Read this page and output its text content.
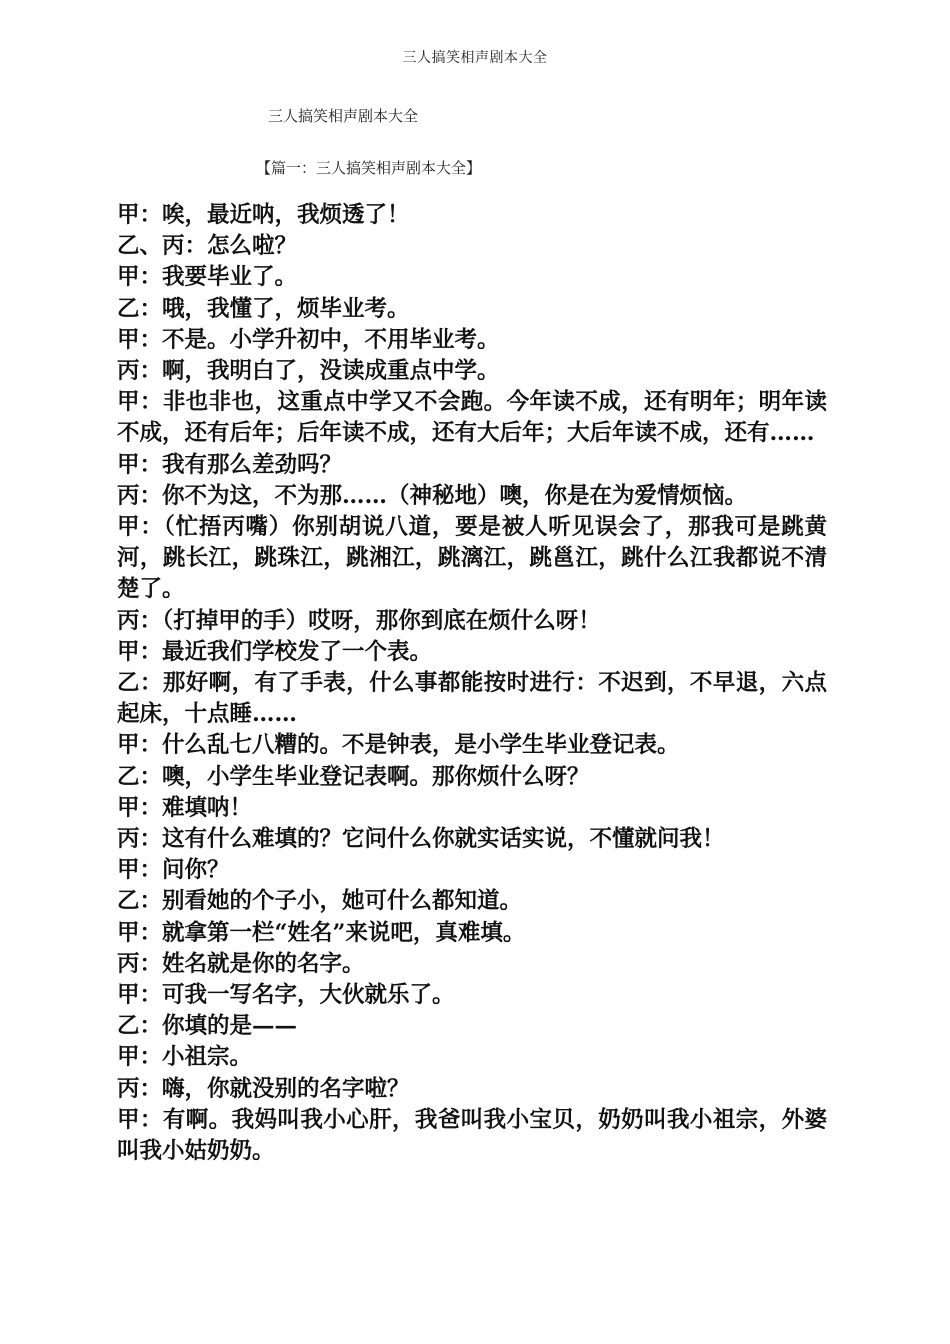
三人搞笑相声剧本大全
三人搞笑相声剧本大全
【篇一：三人搞笑相声剧本大全】
甲：唉，最近呐，我烦透了！
乙、丙：怎么啦？
甲：我要毕业了。
乙：哦，我懂了，烦毕业考。
甲：不是。小学升初中，不用毕业考。
丙：啊，我明白了，没读成重点中学。
甲：非也非也，这重点中学又不会跑。今年读不成，还有明年；明年读不成，还有后年；后年读不成，还有大后年；大后年读不成，还有……
甲：我有那么差劲吗？
丙：你不为这，不为那……（神秘地）噢，你是在为爱情烦恼。
甲：（忙捂丙嘴）你别胡说八道，要是被人听见误会了，那我可是跳黄河，跳长江，跳珠江，跳湘江，跳漓江，跳邕江，跳什么江我都说不清楚了。
丙：（打掉甲的手）哎呀，那你到底在烦什么呀！
甲：最近我们学校发了一个表。
乙：那好啊，有了手表，什么事都能按时进行：不迟到，不早退，六点起床，十点睡……
甲：什么乱七八糟的。不是钟表，是小学生毕业登记表。
乙：噢，小学生毕业登记表啊。那你烦什么呀？
甲：难填呐！
丙：这有什么难填的？它问什么你就实话实说，不懂就问我！
甲：问你？
乙：别看她的个子小，她可什么都知道。
甲：就拿第一栏“姓名”来说吧，真难填。
丙：姓名就是你的名字。
甲：可我一写名字，大伙就乐了。
乙：你填的是——
甲：小祖宗。
丙：嗨，你就没别的名字啦？
甲：有啊。我妈叫我小心肝，我爸叫我小宝贝，奶奶叫我小祖宗，外婆叫我小姑奶奶。
